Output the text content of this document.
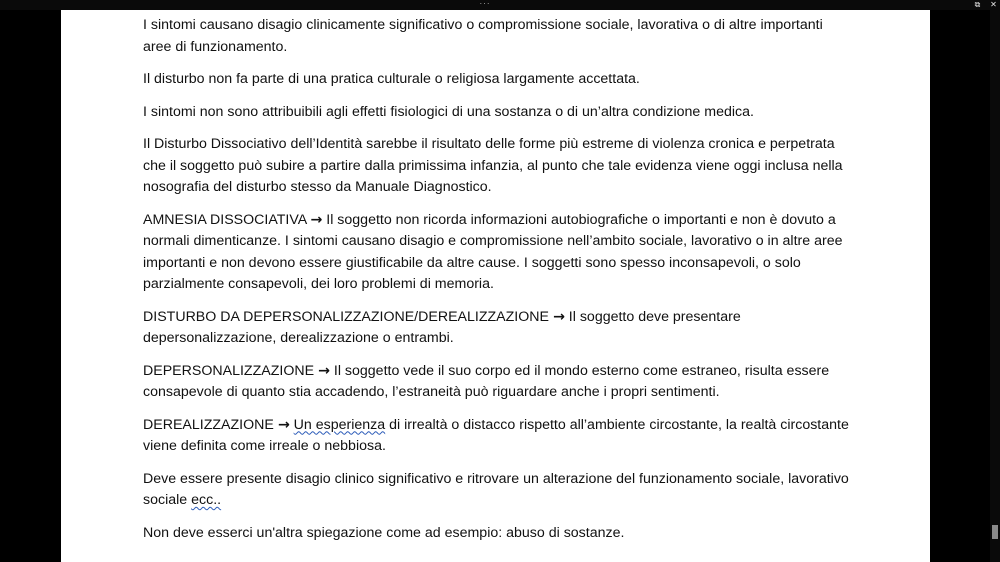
···	⧉	✕

I sintomi causano disagio clinicamente significativo o compromissione sociale, lavorativa o di altre importanti aree di funzionamento.

Il disturbo non fa parte di una pratica culturale o religiosa largamente accettata.

I sintomi non sono attribuibili agli effetti fisiologici di una sostanza o di un’altra condizione medica.

Il Disturbo Dissociativo dell’Identità sarebbe il risultato delle forme più estreme di violenza cronica e perpetrata che il soggetto può subire a partire dalla primissima infanzia, al punto che tale evidenza viene oggi inclusa nella nosografia del disturbo stesso da Manuale Diagnostico.

AMNESIA DISSOCIATIVA → Il soggetto non ricorda informazioni autobiografiche o importanti e non è dovuto a normali dimenticanze. I sintomi causano disagio e compromissione nell’ambito sociale, lavorativo o in altre aree importanti e non devono essere giustificabile da altre cause. I soggetti sono spesso inconsapevoli, o solo parzialmente consapevoli, dei loro problemi di memoria.

DISTURBO DA DEPERSONALIZZAZIONE/DEREALIZZAZIONE → Il soggetto deve presentare depersonalizzazione, derealizzazione o entrambi.

DEPERSONALIZZAZIONE → Il soggetto vede il suo corpo ed il mondo esterno come estraneo, risulta essere consapevole di quanto stia accadendo, l’estraneità può riguardare anche i propri sentimenti.

DEREALIZZAZIONE → Un esperienza di irrealtà o distacco rispetto all’ambiente circostante, la realtà circostante viene definita come irreale o nebbiosa.

Deve essere presente disagio clinico significativo e ritrovare un alterazione del funzionamento sociale, lavorativo sociale ecc..

Non deve esserci un'altra spiegazione come ad esempio: abuso di sostanze.
